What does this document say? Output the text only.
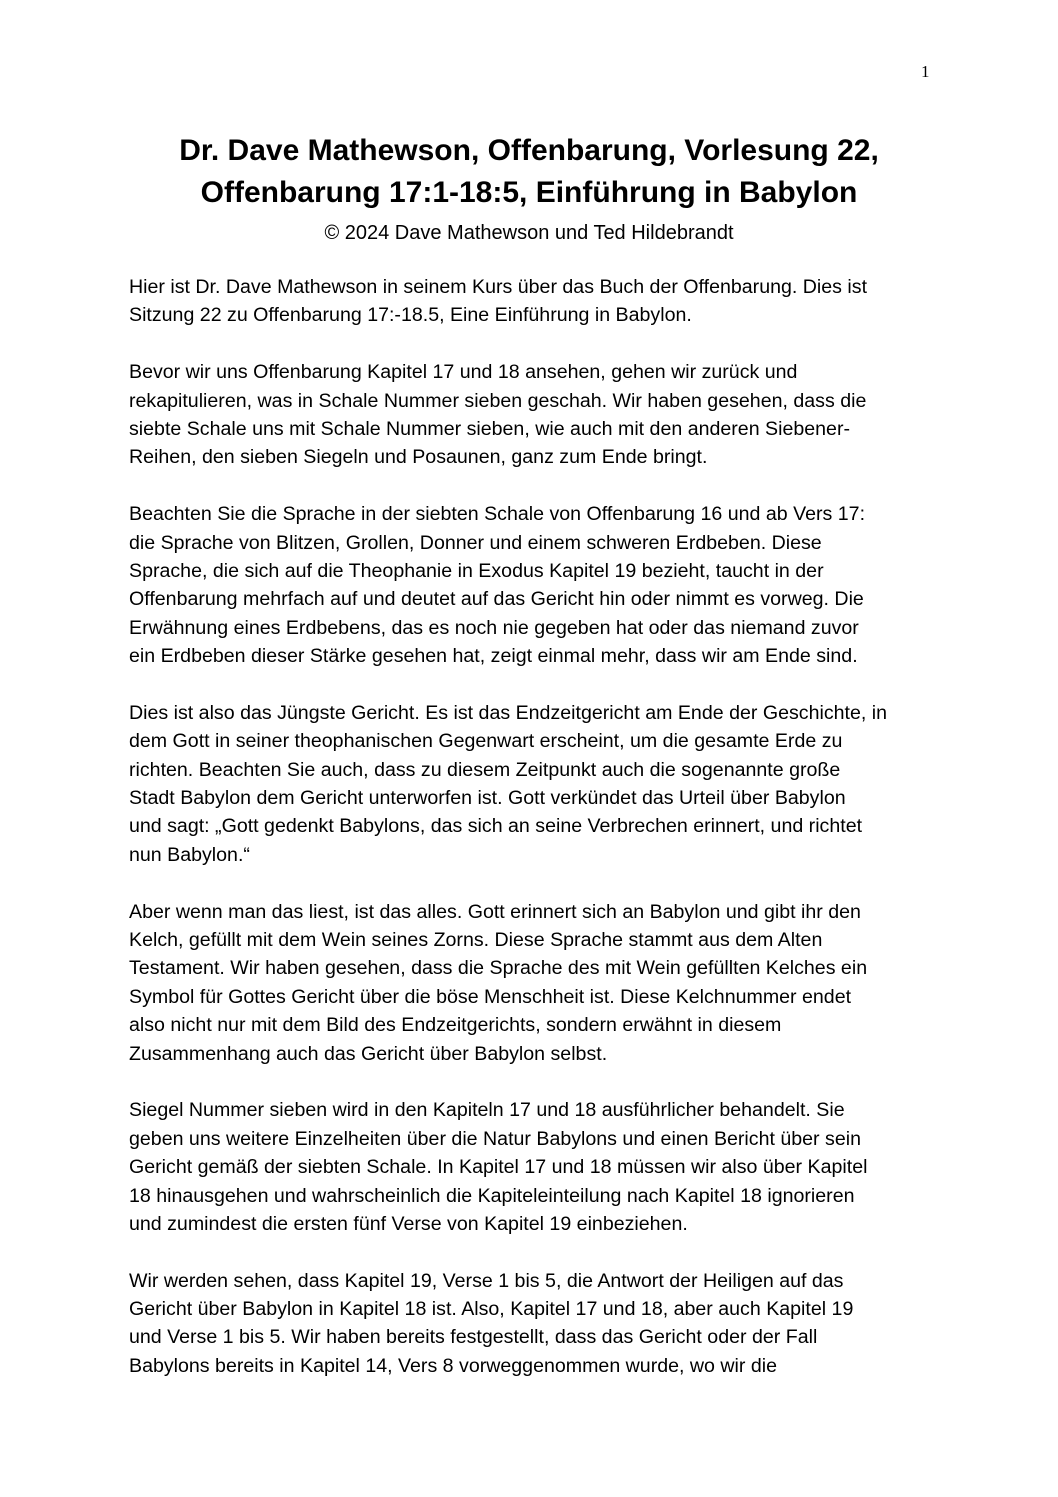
1
Dr. Dave Mathewson, Offenbarung, Vorlesung 22,
Offenbarung 17:1-18:5, Einführung in Babylon
© 2024 Dave Mathewson und Ted Hildebrandt
Hier ist Dr. Dave Mathewson in seinem Kurs über das Buch der Offenbarung. Dies ist
Sitzung 22 zu Offenbarung 17:-18.5, Eine Einführung in Babylon.
Bevor wir uns Offenbarung Kapitel 17 und 18 ansehen, gehen wir zurück und
rekapitulieren, was in Schale Nummer sieben geschah. Wir haben gesehen, dass die
siebte Schale uns mit Schale Nummer sieben, wie auch mit den anderen Siebener-
Reihen, den sieben Siegeln und Posaunen, ganz zum Ende bringt.
Beachten Sie die Sprache in der siebten Schale von Offenbarung 16 und ab Vers 17:
die Sprache von Blitzen, Grollen, Donner und einem schweren Erdbeben. Diese
Sprache, die sich auf die Theophanie in Exodus Kapitel 19 bezieht, taucht in der
Offenbarung mehrfach auf und deutet auf das Gericht hin oder nimmt es vorweg. Die
Erwähnung eines Erdbebens, das es noch nie gegeben hat oder das niemand zuvor
ein Erdbeben dieser Stärke gesehen hat, zeigt einmal mehr, dass wir am Ende sind.
Dies ist also das Jüngste Gericht. Es ist das Endzeitgericht am Ende der Geschichte, in
dem Gott in seiner theophanischen Gegenwart erscheint, um die gesamte Erde zu
richten. Beachten Sie auch, dass zu diesem Zeitpunkt auch die sogenannte große
Stadt Babylon dem Gericht unterworfen ist. Gott verkündet das Urteil über Babylon
und sagt: „Gott gedenkt Babylons, das sich an seine Verbrechen erinnert, und richtet
nun Babylon.“
Aber wenn man das liest, ist das alles. Gott erinnert sich an Babylon und gibt ihr den
Kelch, gefüllt mit dem Wein seines Zorns. Diese Sprache stammt aus dem Alten
Testament. Wir haben gesehen, dass die Sprache des mit Wein gefüllten Kelches ein
Symbol für Gottes Gericht über die böse Menschheit ist. Diese Kelchnummer endet
also nicht nur mit dem Bild des Endzeitgerichts, sondern erwähnt in diesem
Zusammenhang auch das Gericht über Babylon selbst.
Siegel Nummer sieben wird in den Kapiteln 17 und 18 ausführlicher behandelt. Sie
geben uns weitere Einzelheiten über die Natur Babylons und einen Bericht über sein
Gericht gemäß der siebten Schale. In Kapitel 17 und 18 müssen wir also über Kapitel
18 hinausgehen und wahrscheinlich die Kapiteleinteilung nach Kapitel 18 ignorieren
und zumindest die ersten fünf Verse von Kapitel 19 einbeziehen.
Wir werden sehen, dass Kapitel 19, Verse 1 bis 5, die Antwort der Heiligen auf das
Gericht über Babylon in Kapitel 18 ist. Also, Kapitel 17 und 18, aber auch Kapitel 19
und Verse 1 bis 5. Wir haben bereits festgestellt, dass das Gericht oder der Fall
Babylons bereits in Kapitel 14, Vers 8 vorweggenommen wurde, wo wir die
